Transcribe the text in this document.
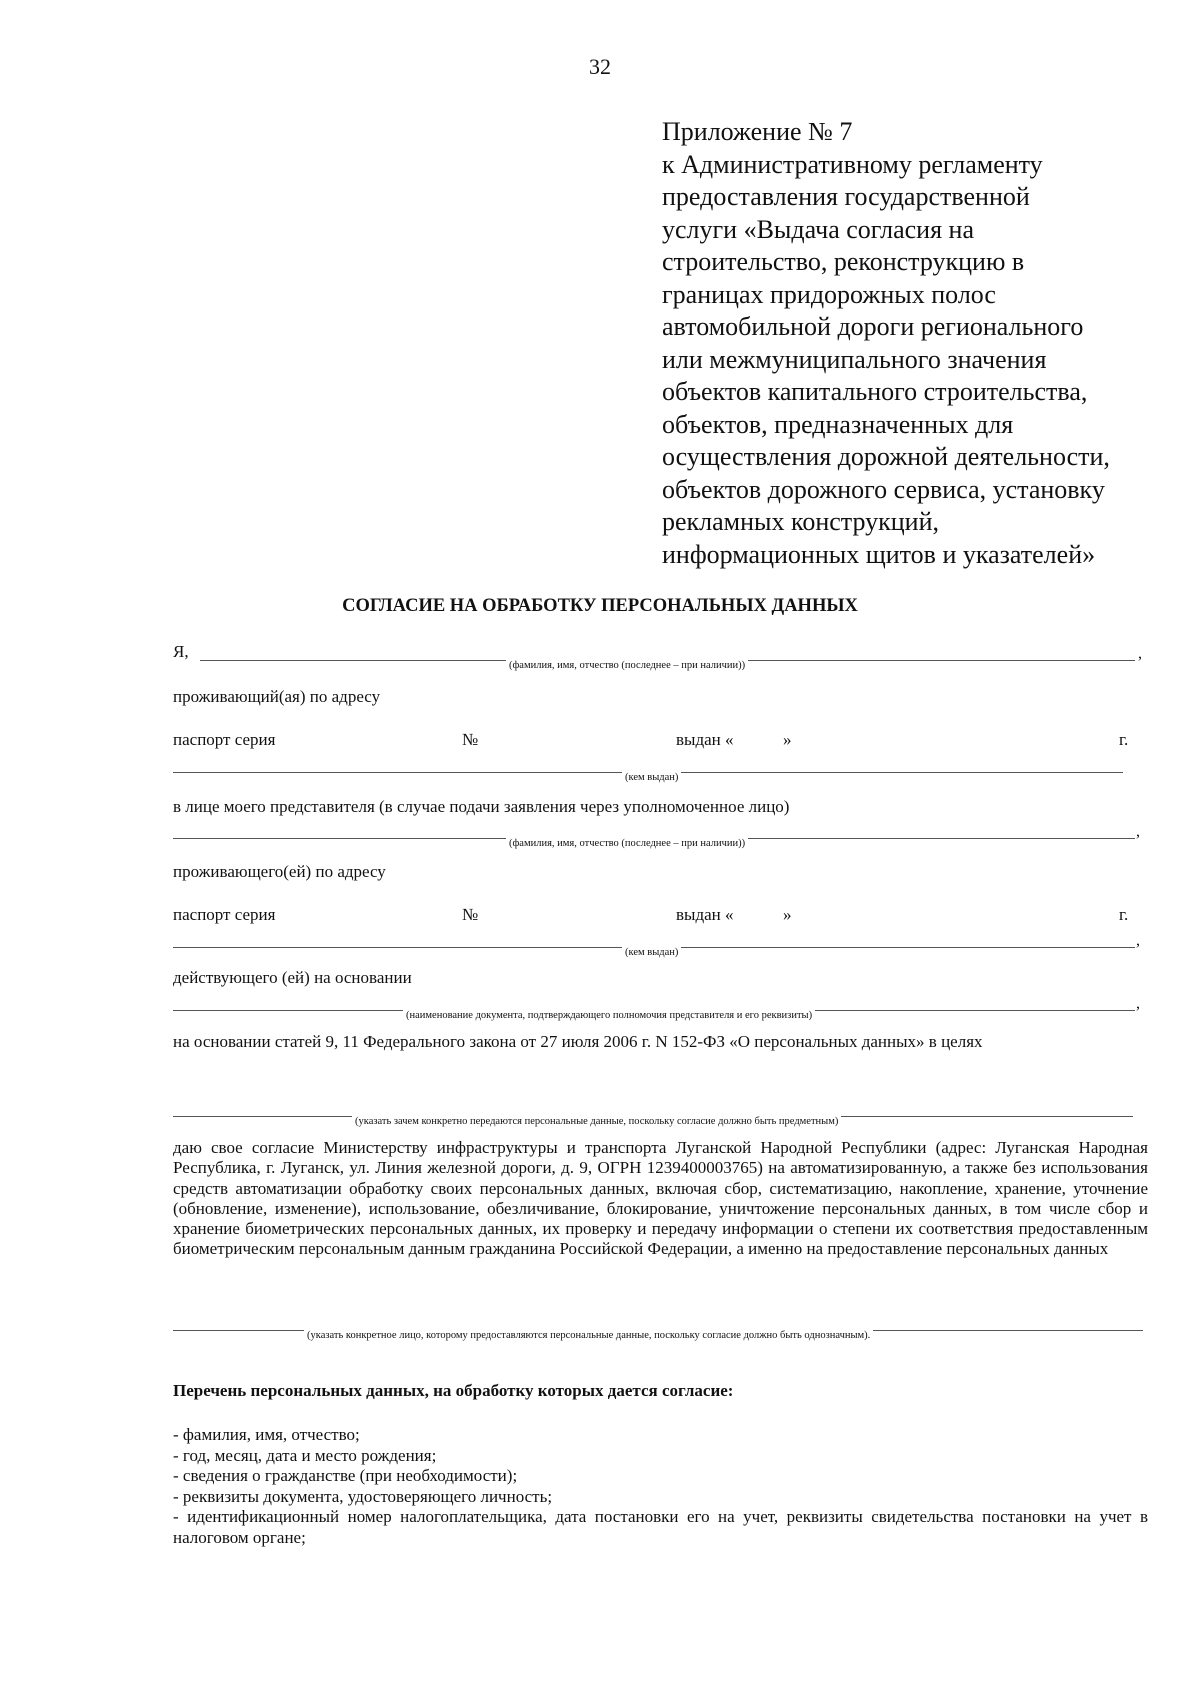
32
Приложение № 7
к Административному регламенту
предоставления государственной
услуги «Выдача согласия на
строительство, реконструкцию в
границах придорожных полос
автомобильной дороги регионального
или межмуниципального значения
объектов капитального строительства,
объектов, предназначенных для
осуществления дорожной деятельности,
объектов дорожного сервиса, установку
рекламных конструкций,
информационных щитов и указателей»
СОГЛАСИЕ НА ОБРАБОТКУ ПЕРСОНАЛЬНЫХ ДАННЫХ
Я,
(фамилия, имя, отчество (последнее – при наличии))
,
проживающий(ая) по адресу
паспорт серия	№	выдан «	»	г.
(кем выдан)
в лице моего представителя (в случае подачи заявления через уполномоченное лицо)
(фамилия, имя, отчество (последнее – при наличии))
,
проживающего(ей) по адресу
паспорт серия	№	выдан «	»	г.
(кем выдан)
,
действующего (ей) на основании
(наименование документа, подтверждающего полномочия представителя и его реквизиты)
,
на основании статей 9, 11 Федерального закона от 27 июля 2006 г. N 152-ФЗ «О персональных данных» в целях
(указать зачем конкретно передаются персональные данные, поскольку согласие должно быть предметным)
даю свое согласие Министерству инфраструктуры и транспорта Луганской Народной Республики (адрес: Луганская Народная Республика, г. Луганск, ул. Линия железной дороги, д. 9, ОГРН 1239400003765) на автоматизированную, а также без использования средств автоматизации обработку своих персональных данных, включая сбор, систематизацию, накопление, хранение, уточнение (обновление, изменение), использование, обезличивание, блокирование, уничтожение персональных данных, в том числе сбор и хранение биометрических персональных данных, их проверку и передачу информации о степени их соответствия предоставленным биометрическим персональным данным гражданина Российской Федерации, а именно на предоставление персональных данных
(указать конкретное лицо, которому предоставляются персональные данные, поскольку согласие должно быть однозначным).
Перечень персональных данных, на обработку которых дается согласие:
- фамилия, имя, отчество;
- год, месяц, дата и место рождения;
- сведения о гражданстве (при необходимости);
- реквизиты документа, удостоверяющего личность;
- идентификационный номер налогоплательщика, дата постановки его на учет, реквизиты свидетельства постановки на учет в налоговом органе;
